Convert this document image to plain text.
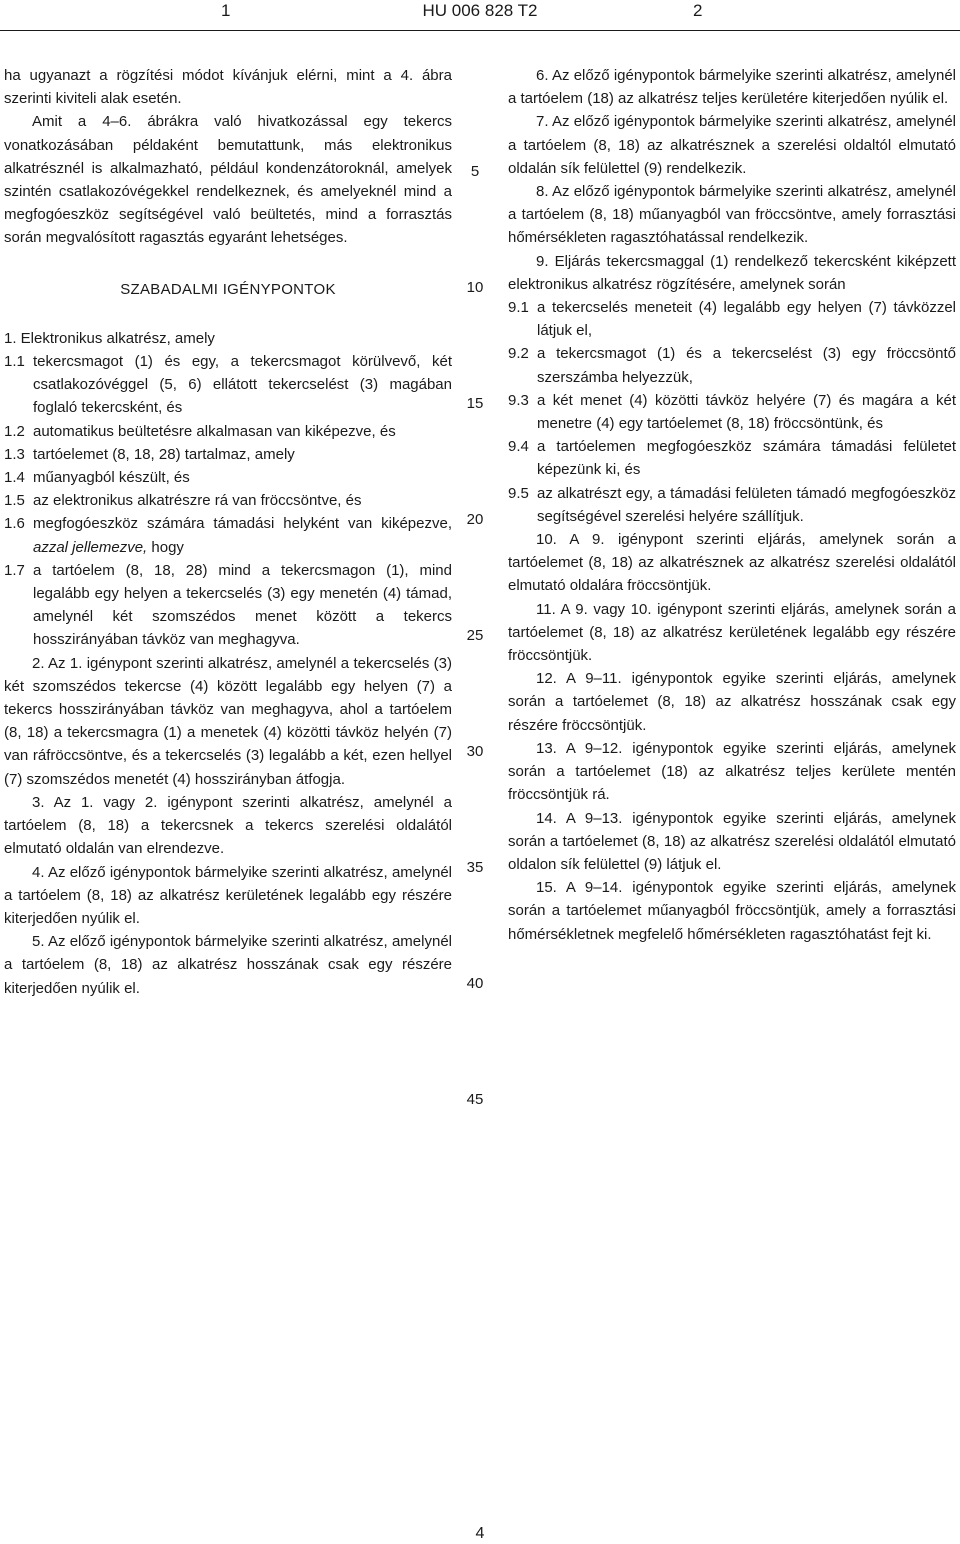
1	HU 006 828 T2	2

ha ugyanazt a rögzítési módot kívánjuk elérni, mint a 4. ábra szerinti kiviteli alak esetén.

Amit a 4–6. ábrákra való hivatkozással egy tekercs vonatkozásában példaként bemutattunk, más elektronikus alkatrésznél is alkalmazható, például kondenzátoroknál, amelyek szintén csatlakozóvégekkel rendelkeznek, és amelyeknél mind a megfogóeszköz segítségével való beültetés, mind a forrasztás során megvalósított ragasztás egyaránt lehetséges.

SZABADALMI IGÉNYPONTOK

1. Elektronikus alkatrész, amely

1.1 tekercsmagot (1) és egy, a tekercsmagot körülvevő, két csatlakozóvéggel (5, 6) ellátott tekercselést (3) magában foglaló tekercsként, és
1.2 automatikus beültetésre alkalmasan van kiképezve, és
1.3 tartóelemet (8, 18, 28) tartalmaz, amely
1.4 műanyagból készült, és
1.5 az elektronikus alkatrészre rá van fröccsöntve, és
1.6 megfogóeszköz számára támadási helyként van kiképezve, azzal jellemezve, hogy
1.7 a tartóelem (8, 18, 28) mind a tekercsmagon (1), mind legalább egy helyen a tekercselés (3) egy menetén (4) támad, amelynél két szomszédos menet között a tekercs hosszirányában távköz van meghagyva.

2. Az 1. igénypont szerinti alkatrész, amelynél a tekercselés (3) két szomszédos tekercse (4) között legalább egy helyen (7) a tekercs hosszirányában távköz van meghagyva, ahol a tartóelem (8, 18) a tekercsmagra (1) a menetek (4) közötti távköz helyén (7) van ráfröccsöntve, és a tekercselés (3) legalább a két, ezen hellyel (7) szomszédos menetét (4) hosszirányban átfogja.

3. Az 1. vagy 2. igénypont szerinti alkatrész, amelynél a tartóelem (8, 18) a tekercsnek a tekercs szerelési oldalától elmutató oldalán van elrendezve.

4. Az előző igénypontok bármelyike szerinti alkatrész, amelynél a tartóelem (8, 18) az alkatrész kerületének legalább egy részére kiterjedően nyúlik el.

5. Az előző igénypontok bármelyike szerinti alkatrész, amelynél a tartóelem (8, 18) az alkatrész hosszának csak egy részére kiterjedően nyúlik el.

5
10
15
20
25
30
35
40
45

6. Az előző igénypontok bármelyike szerinti alkatrész, amelynél a tartóelem (18) az alkatrész teljes kerületére kiterjedően nyúlik el.

7. Az előző igénypontok bármelyike szerinti alkatrész, amelynél a tartóelem (8, 18) az alkatrésznek a szerelési oldaltól elmutató oldalán sík felülettel (9) rendelkezik.

8. Az előző igénypontok bármelyike szerinti alkatrész, amelynél a tartóelem (8, 18) műanyagból van fröccsöntve, amely forrasztási hőmérsékleten ragasztóhatással rendelkezik.

9. Eljárás tekercsmaggal (1) rendelkező tekercsként kiképzett elektronikus alkatrész rögzítésére, amelynek során

9.1 a tekercselés meneteit (4) legalább egy helyen (7) távközzel látjuk el,
9.2 a tekercsmagot (1) és a tekercselést (3) egy fröccsöntő szerszámba helyezzük,
9.3 a két menet (4) közötti távköz helyére (7) és magára a két menetre (4) egy tartóelemet (8, 18) fröccsöntünk, és
9.4 a tartóelemen megfogóeszköz számára támadási felületet képezünk ki, és
9.5 az alkatrészt egy, a támadási felületen támadó megfogóeszköz segítségével szerelési helyére szállítjuk.

10. A 9. igénypont szerinti eljárás, amelynek során a tartóelemet (8, 18) az alkatrésznek az alkatrész szerelési oldalától elmutató oldalára fröccsöntjük.

11. A 9. vagy 10. igénypont szerinti eljárás, amelynek során a tartóelemet (8, 18) az alkatrész kerületének legalább egy részére fröccsöntjük.

12. A 9–11. igénypontok egyike szerinti eljárás, amelynek során a tartóelemet (8, 18) az alkatrész hosszának csak egy részére fröccsöntjük.

13. A 9–12. igénypontok egyike szerinti eljárás, amelynek során a tartóelemet (18) az alkatrész teljes kerülete mentén fröccsöntjük rá.

14. A 9–13. igénypontok egyike szerinti eljárás, amelynek során a tartóelemet (8, 18) az alkatrész szerelési oldalától elmutató oldalon sík felülettel (9) látjuk el.

15. A 9–14. igénypontok egyike szerinti eljárás, amelynek során a tartóelemet műanyagból fröccsöntjük, amely a forrasztási hőmérsékletnek megfelelő hőmérsékleten ragasztóhatást fejt ki.

4
